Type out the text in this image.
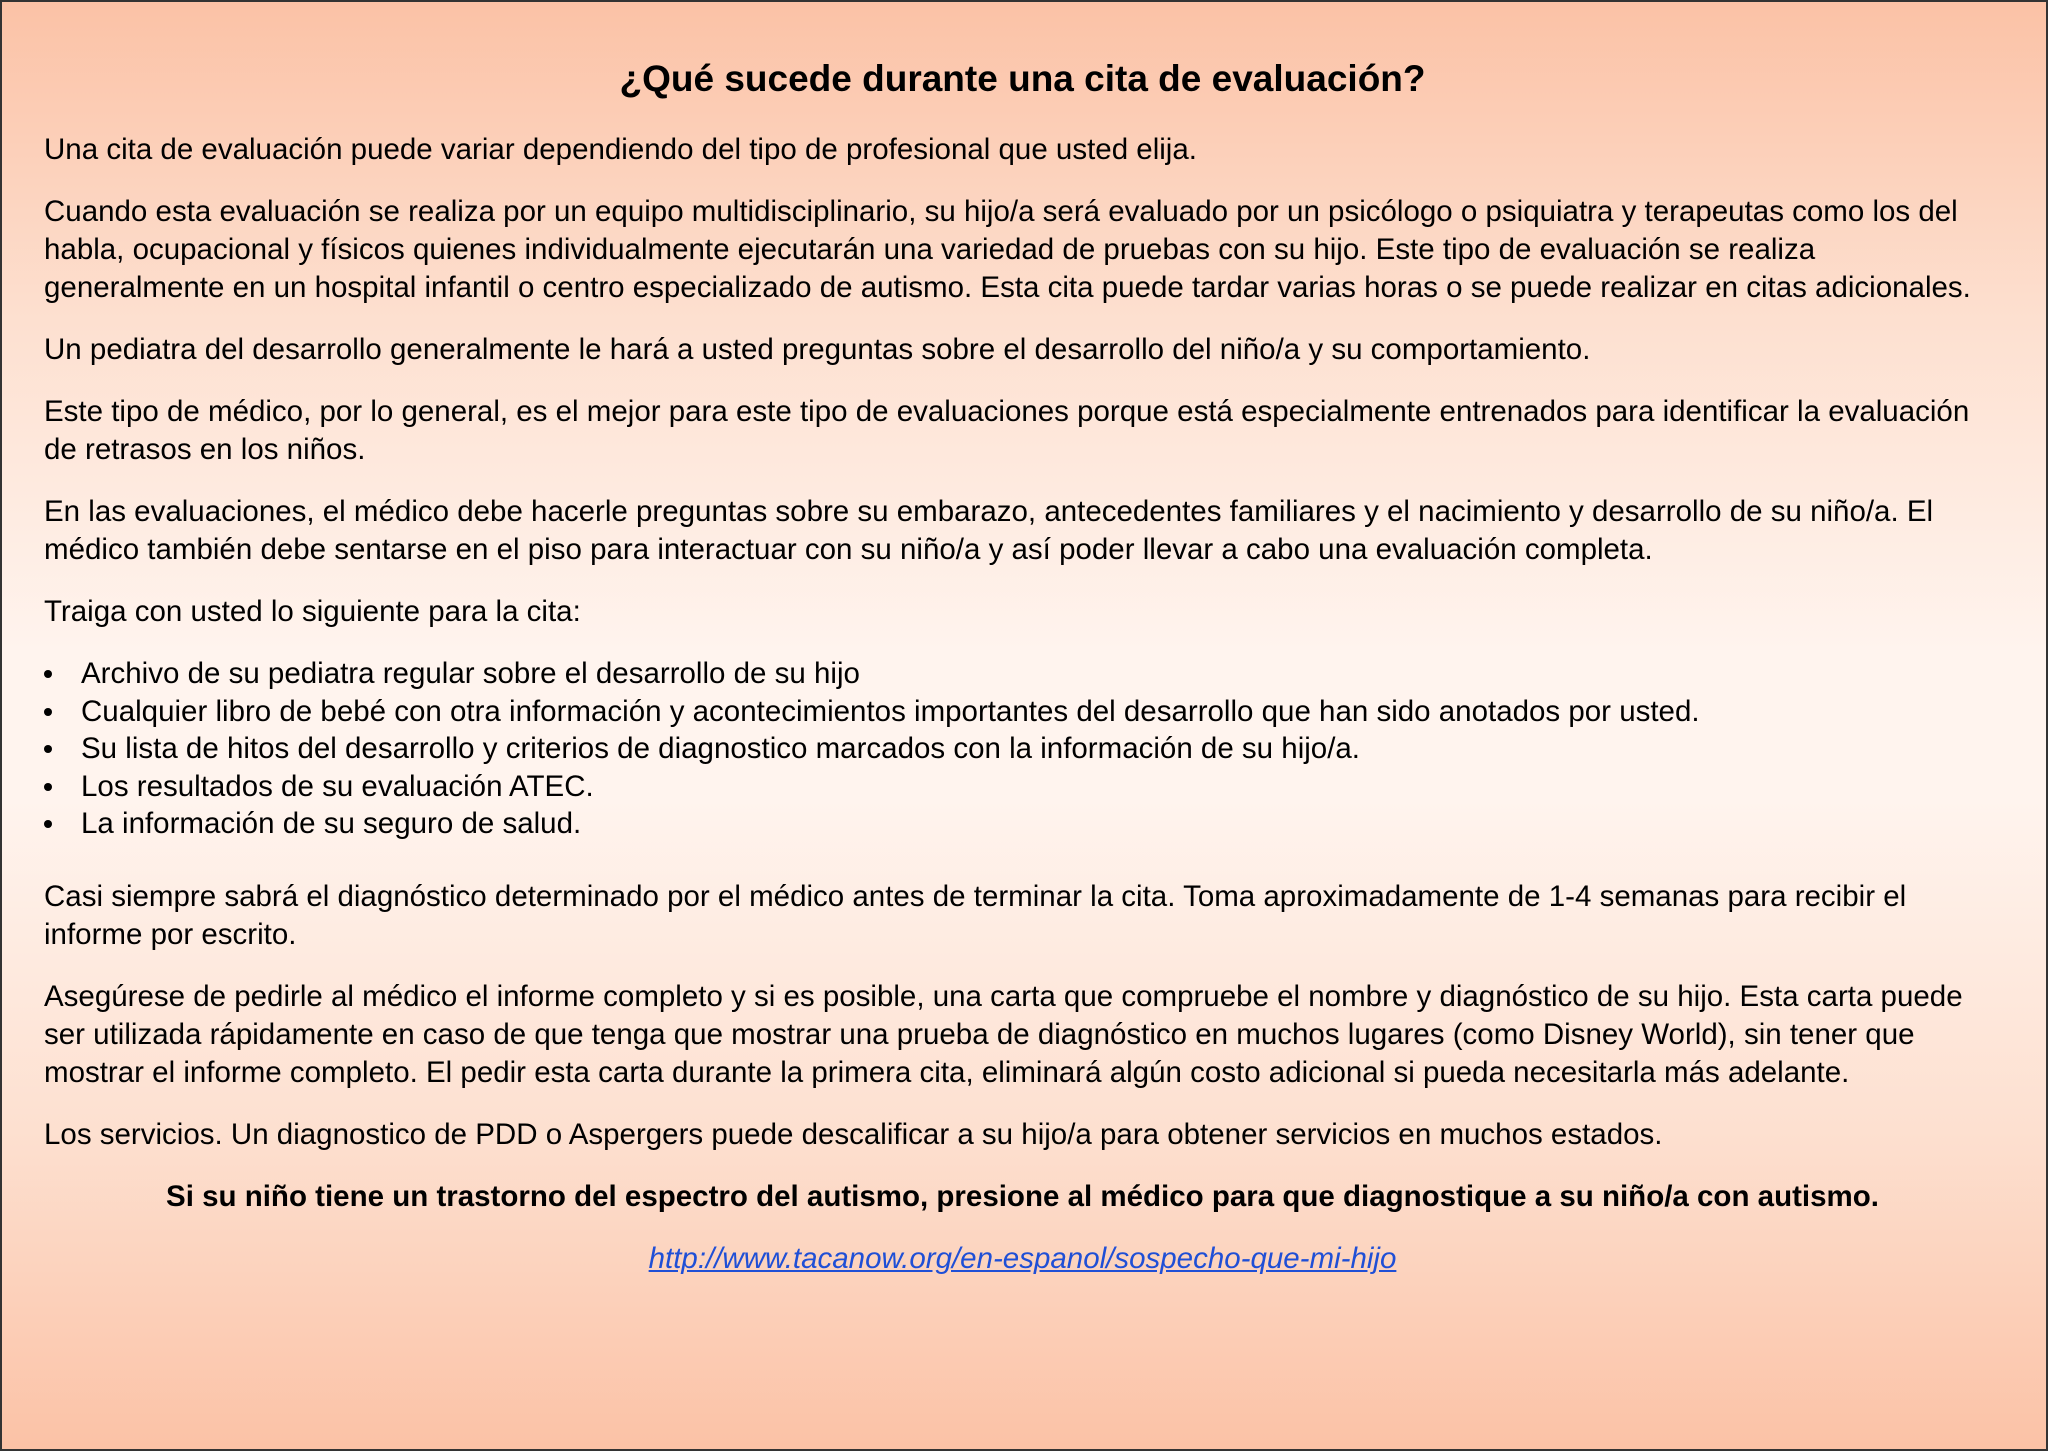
¿Qué sucede durante una cita de evaluación?

Una cita de evaluación puede variar dependiendo del tipo de profesional que usted elija.

Cuando esta evaluación se realiza por un equipo multidisciplinario, su hijo/a será evaluado por un psicólogo o psiquiatra y terapeutas como los del habla, ocupacional y físicos quienes individualmente ejecutarán una variedad de pruebas con su hijo. Este tipo de evaluación se realiza generalmente en un hospital infantil o centro especializado de autismo. Esta cita puede tardar varias horas o se puede realizar en citas adicionales.

Un pediatra del desarrollo generalmente le hará a usted preguntas sobre el desarrollo del niño/a y su comportamiento.

Este tipo de médico, por lo general, es el mejor para este tipo de evaluaciones porque está especialmente entrenados para identificar la evaluación de retrasos en los niños.

En las evaluaciones, el médico debe hacerle preguntas sobre su embarazo, antecedentes familiares y el nacimiento y desarrollo de su niño/a. El médico también debe sentarse en el piso para interactuar con su niño/a y así poder llevar a cabo una evaluación completa.

Traiga con usted lo siguiente para la cita:

Archivo de su pediatra regular sobre el desarrollo de su hijo
Cualquier libro de bebé con otra información y acontecimientos importantes del desarrollo que han sido anotados por usted.
Su lista de hitos del desarrollo y criterios de diagnostico marcados con la información de su hijo/a.
Los resultados de su evaluación ATEC.
La información de su seguro de salud.

Casi siempre sabrá el diagnóstico determinado por el médico antes de terminar la cita. Toma aproximadamente de 1-4 semanas para recibir el informe por escrito.

Asegúrese de pedirle al médico el informe completo y si es posible, una carta que compruebe el nombre y diagnóstico de su hijo. Esta carta puede ser utilizada rápidamente en caso de que tenga que mostrar una prueba de diagnóstico en muchos lugares (como Disney World), sin tener que mostrar el informe completo. El pedir esta carta durante la primera cita, eliminará algún costo adicional si pueda necesitarla más adelante.

Los servicios. Un diagnostico de PDD o Aspergers puede descalificar a su hijo/a para obtener servicios en muchos estados.

Si su niño tiene un trastorno del espectro del autismo, presione al médico para que diagnostique a su niño/a con autismo.

http://www.tacanow.org/en-espanol/sospecho-que-mi-hijo
